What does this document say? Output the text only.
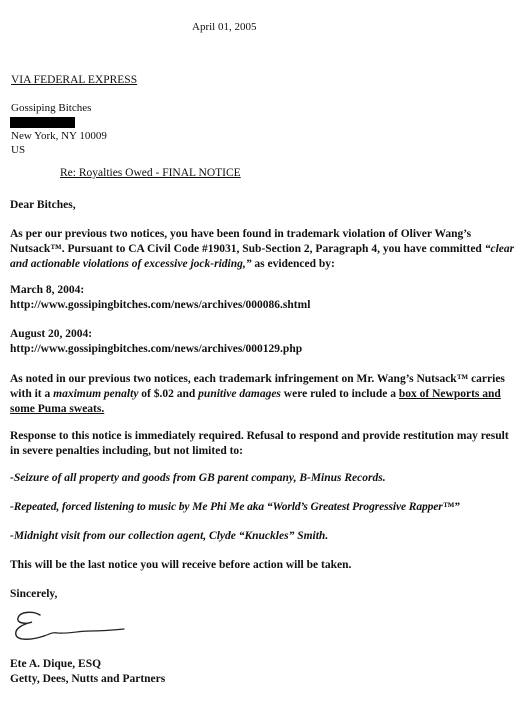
April 01, 2005
VIA FEDERAL EXPRESS
Gossiping Bitches
New York, NY 10009
US
Re: Royalties Owed - FINAL NOTICE
Dear Bitches,
As per our previous two notices, you have been found in trademark violation of Oliver Wang’s Nutsack™. Pursuant to CA Civil Code #19031, Sub-Section 2, Paragraph 4, you have committed “clear and actionable violations of excessive jock-riding,” as evidenced by:
March 8, 2004:
http://www.gossipingbitches.com/news/archives/000086.shtml
August 20, 2004:
http://www.gossipingbitches.com/news/archives/000129.php
As noted in our previous two notices, each trademark infringement on Mr. Wang’s Nutsack™ carries with it a maximum penalty of $.02 and punitive damages were ruled to include a box of Newports and some Puma sweats.
Response to this notice is immediately required. Refusal to respond and provide restitution may result in severe penalties including, but not limited to:
-Seizure of all property and goods from GB parent company, B-Minus Records.
-Repeated, forced listening to music by Me Phi Me aka “World’s Greatest Progressive Rapper™”
-Midnight visit from our collection agent, Clyde “Knuckles” Smith.
This will be the last notice you will receive before action will be taken.
Sincerely,
Ete A. Dique, ESQ
Getty, Dees, Nutts and Partners
